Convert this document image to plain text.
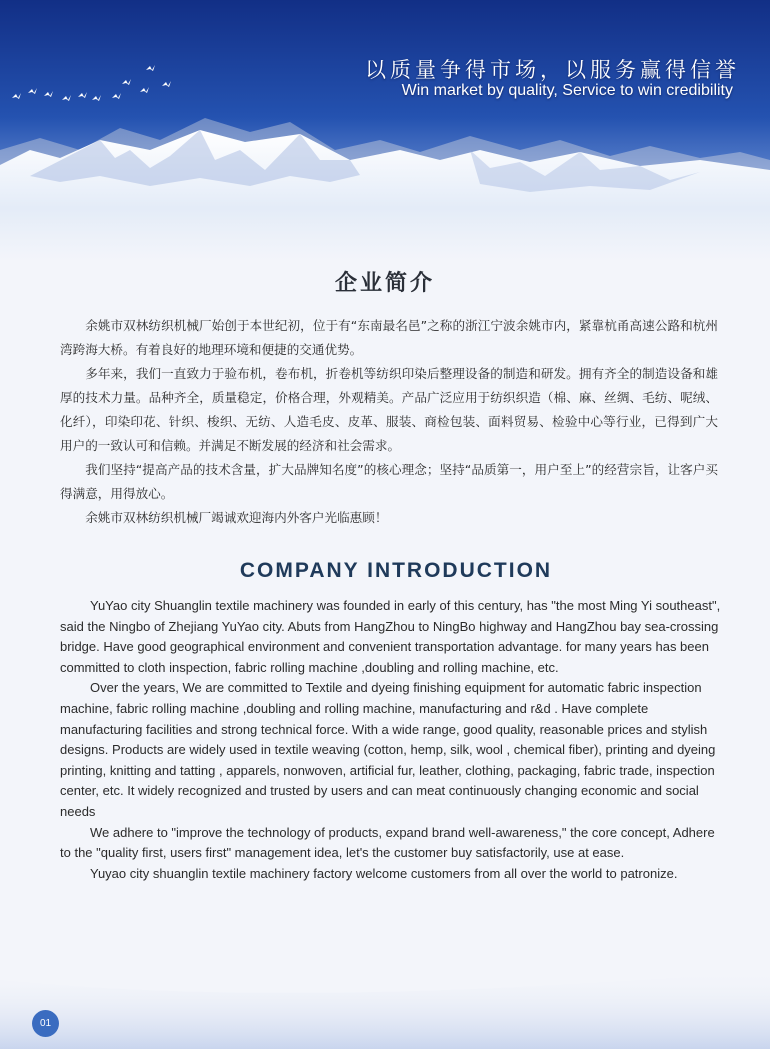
以质量争得市场，以服务赢得信誉
Win market by quality, Service to win credibility
企业简介

余姚市双林纺织机械厂始创于本世纪初，位于有“东南最名邑”之称的浙江宁波余姚市内，紧靠杭甬高速公路和杭州湾跨海大桥。有着良好的地理环境和便捷的交通优势。

多年来，我们一直致力于验布机，卷布机，折卷机等纺织印染后整理设备的制造和研发。拥有齐全的制造设备和雄厚的技术力量。品种齐全，质量稳定，价格合理，外观精美。产品广泛应用于纺织织造（棉、麻、丝绸、毛纺、呢绒、化纤），印染印花、针织、梭织、无纺、人造毛皮、皮革、服装、商检包装、面料贸易、检验中心等行业，已得到广大用户的一致认可和信赖。并满足不断发展的经济和社会需求。

我们坚持“提高产品的技术含量，扩大品牌知名度”的核心理念；坚持“品质第一，用户至上”的经营宗旨，让客户买得满意，用得放心。

余姚市双林纺织机械厂竭诚欢迎海内外客户光临惠顾！

COMPANY INTRODUCTION

YuYao city Shuanglin textile machinery was founded in early of this century, has "the most Ming Yi southeast", said the Ningbo of Zhejiang YuYao city. Abuts from HangZhou to NingBo highway and HangZhou bay sea-crossing bridge. Have good geographical environment and convenient transportation advantage. for many years has been committed to cloth inspection, fabric rolling machine ,doubling and rolling machine, etc.

Over the years, We are committed to Textile and dyeing finishing equipment for automatic fabric inspection machine, fabric rolling machine ,doubling and rolling machine, manufacturing and r&d . Have complete manufacturing facilities and strong technical force. With a wide range, good quality, reasonable prices and stylish designs. Products are widely used in textile weaving (cotton, hemp, silk, wool , chemical fiber), printing and dyeing printing, knitting and tatting , apparels, nonwoven, artificial fur, leather, clothing, packaging, fabric trade, inspection center, etc. It widely recognized and trusted by users and can meat continuously changing economic and social needs

We adhere to "improve the technology of products, expand brand well-awareness," the core concept, Adhere to the "quality first, users first" management idea, let's the customer buy satisfactorily, use at ease.

Yuyao city shuanglin textile machinery factory welcome customers from all over the world to patronize.

01
